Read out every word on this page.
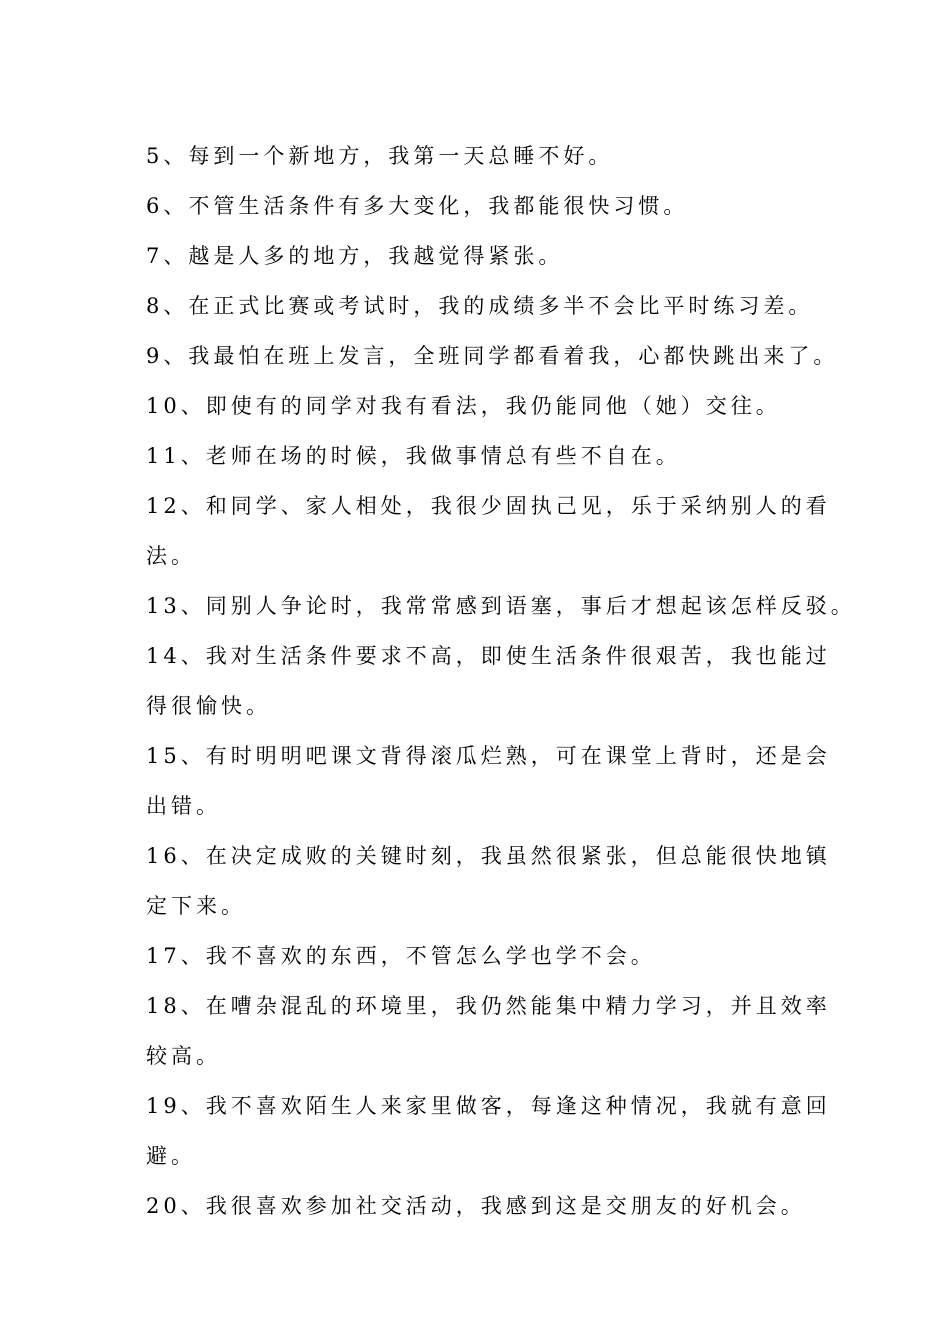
5、每到一个新地方，我第一天总睡不好。
6、不管生活条件有多大变化，我都能很快习惯。
7、越是人多的地方，我越觉得紧张。
8、在正式比赛或考试时，我的成绩多半不会比平时练习差。
9、我最怕在班上发言，全班同学都看着我，心都快跳出来了。
10、即使有的同学对我有看法，我仍能同他（她）交往。
11、老师在场的时候，我做事情总有些不自在。
12、和同学、家人相处，我很少固执己见，乐于采纳别人的看
法。
13、同别人争论时，我常常感到语塞，事后才想起该怎样反驳。
14、我对生活条件要求不高，即使生活条件很艰苦，我也能过
得很愉快。
15、有时明明吧课文背得滚瓜烂熟，可在课堂上背时，还是会
出错。
16、在决定成败的关键时刻，我虽然很紧张，但总能很快地镇
定下来。
17、我不喜欢的东西，不管怎么学也学不会。
18、在嘈杂混乱的环境里，我仍然能集中精力学习，并且效率
较高。
19、我不喜欢陌生人来家里做客，每逢这种情况，我就有意回
避。
20、我很喜欢参加社交活动，我感到这是交朋友的好机会。
